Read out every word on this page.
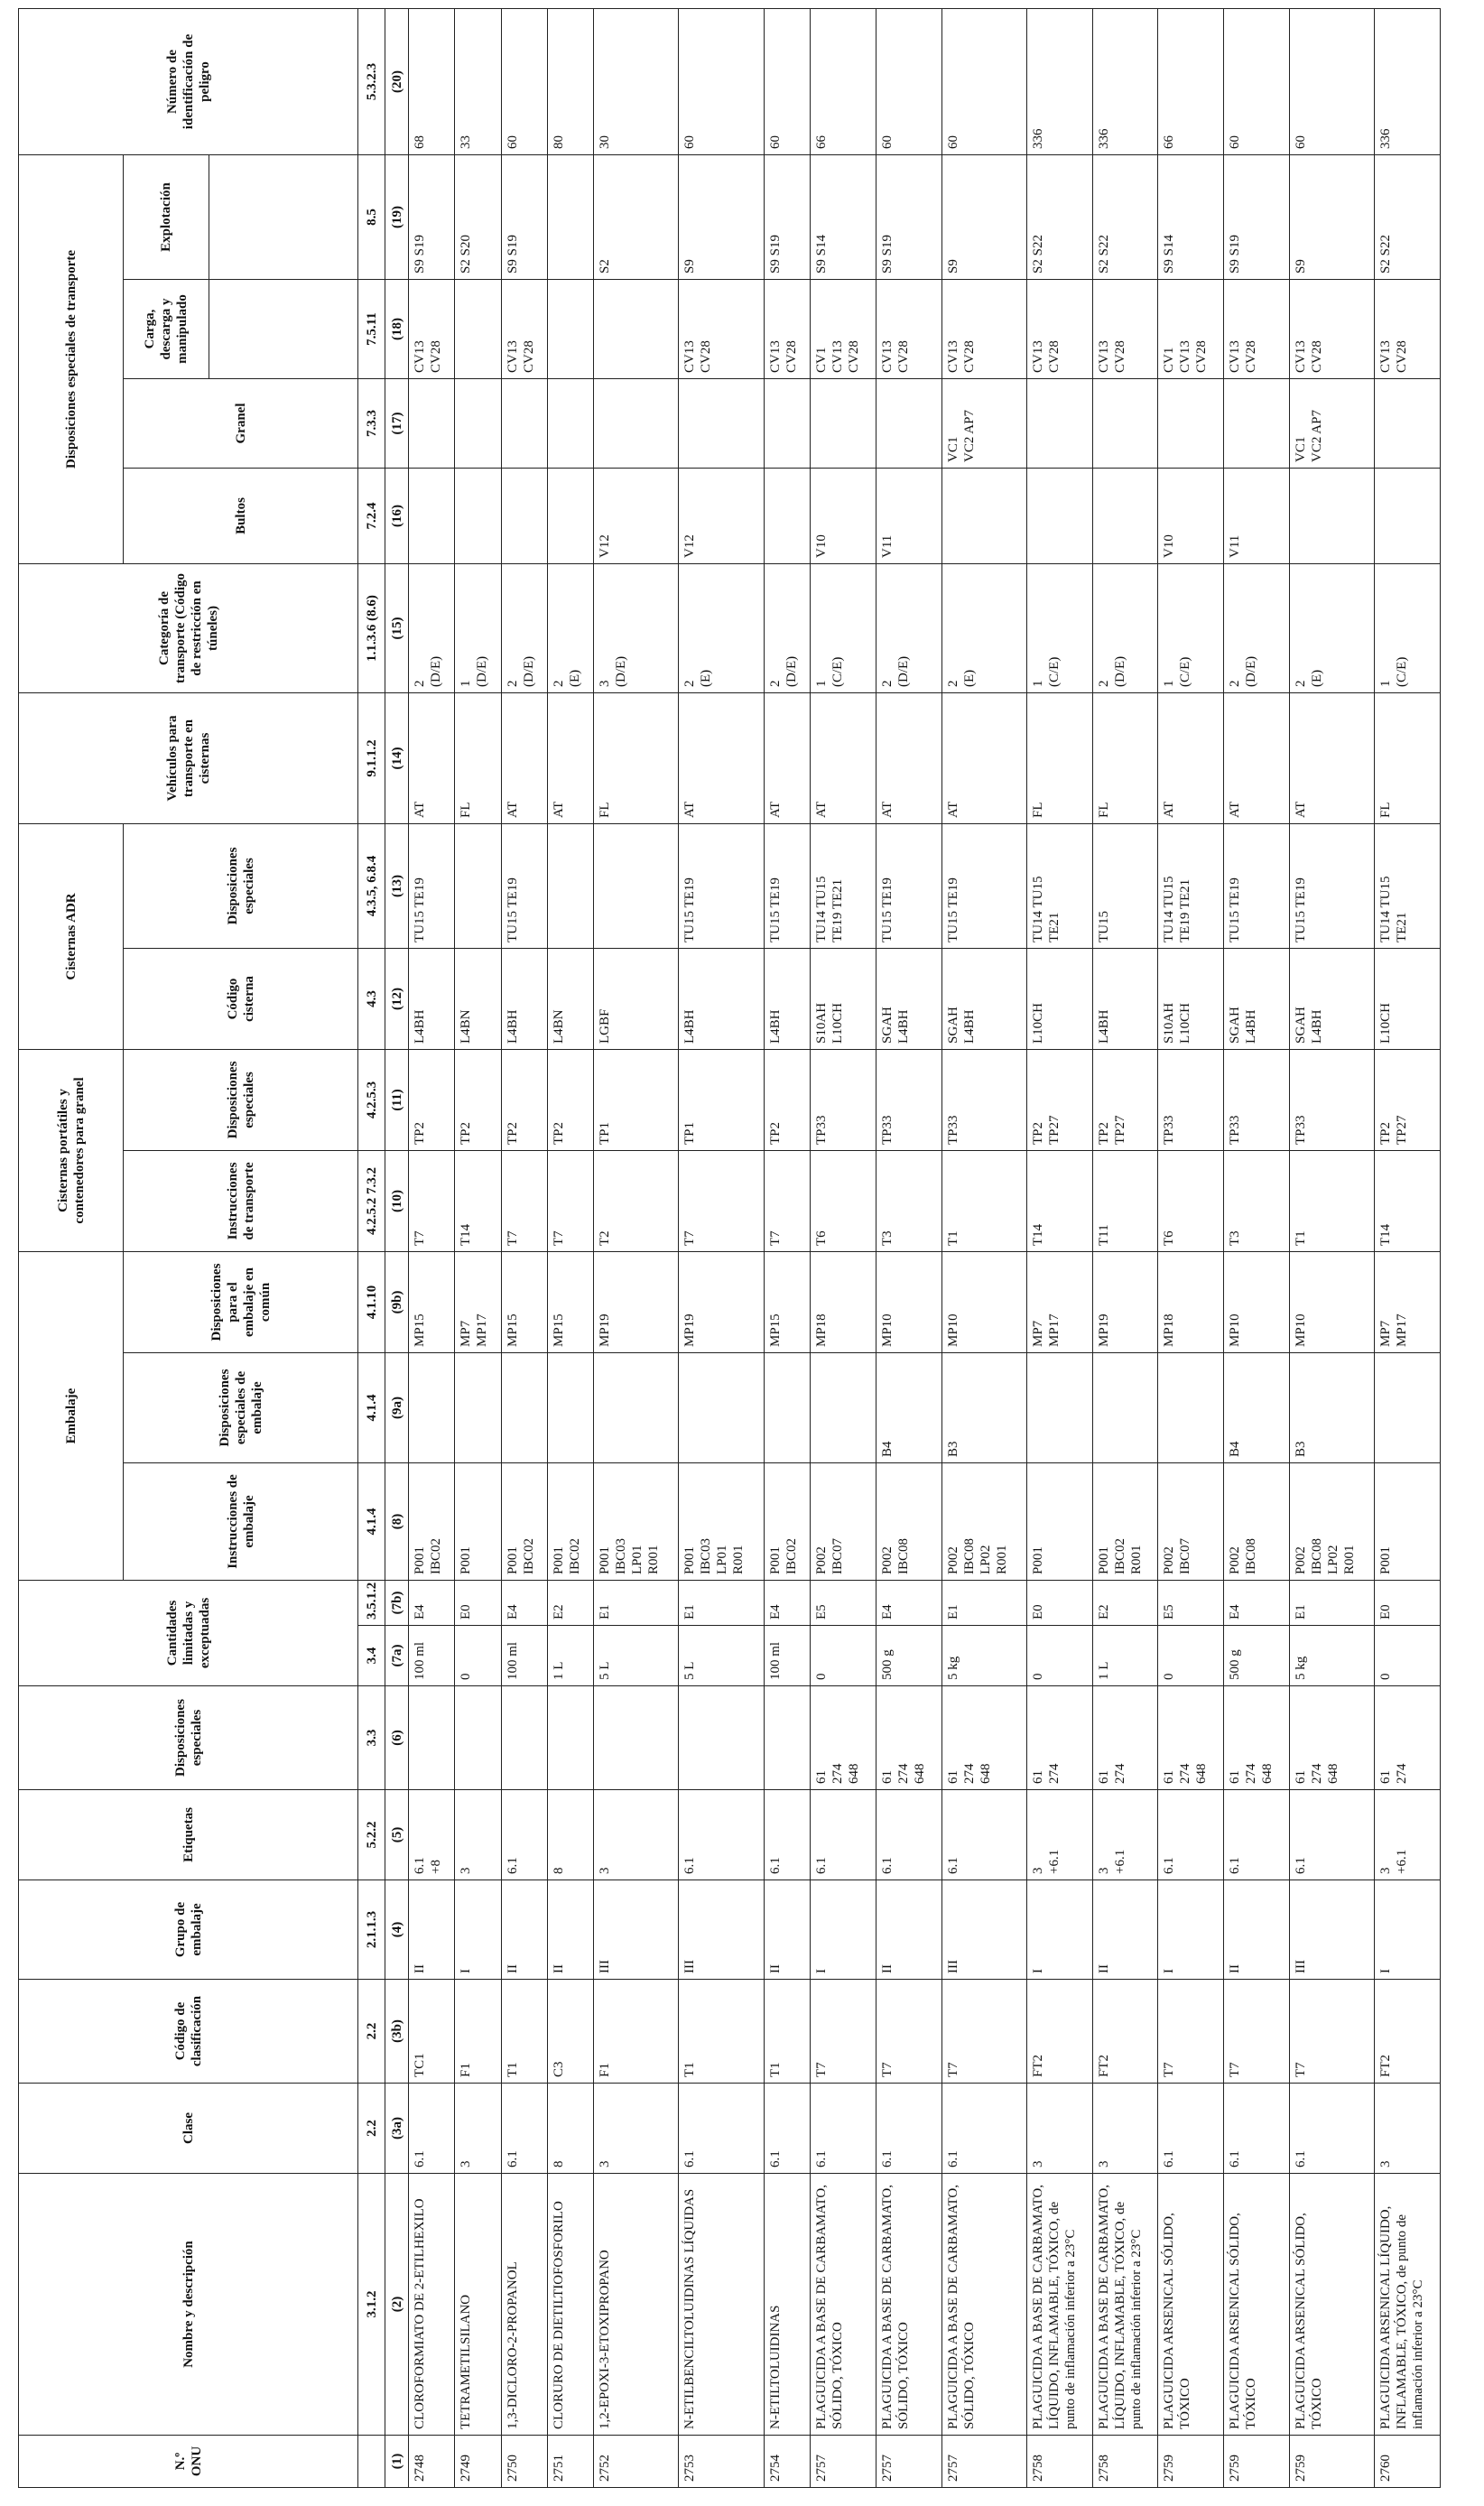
N.º ONU	Nombre y descripción	Clase	Código de clasificación	Grupo de embalaje	Etiquetas	Disposiciones especiales	Cantidades limitadas y exceptuadas		Embalaje			Cisternas portátiles y contenedores para granel		Cisternas ADR		Vehículos para transporte en cisternas	Categoría de transporte (Código de restricción en túneles)	Disposiciones especiales de transporte				Número de identificación de peligro
									Instrucciones de embalaje	Disposiciones especiales de embalaje	Disposiciones para el embalaje en común	Instrucciones de transporte	Disposiciones especiales	Código cisterna	Disposiciones especiales			Bultos	Granel	Carga, descarga y manipulado	Explotación	

	3.1.2	2.2	2.2	2.1.1.3	5.2.2	3.3	3.4	3.5.1.2	4.1.4	4.1.4	4.1.10	4.2.5.2 7.3.2	4.2.5.3	4.3	4.3.5, 6.8.4	9.1.1.2	1.1.3.6 (8.6)	7.2.4	7.3.3	7.5.11	8.5	5.3.2.3
(1)	(2)	(3a)	(3b)	(4)	(5)	(6)	(7a)	(7b)	(8)	(9a)	(9b)	(10)	(11)	(12)	(13)	(14)	(15)	(16)	(17)	(18)	(19)	(20)
2748	CLOROFORMIATO DE 2-ETILHEXILO	6.1	TC1	II	6.1 +8		100 ml	E4	P001 IBC02		MP15	T7	TP2	L4BH	TU15 TE19	AT	2 (D/E)			CV13 CV28	S9 S19	68
2749	TETRAMETILSILANO	3	F1	I	3		0	E0	P001		MP7 MP17	T14	TP2	L4BN		FL	1 (D/E)				S2 S20	33
2750	1,3-DICLORO-2-PROPANOL	6.1	T1	II	6.1		100 ml	E4	P001 IBC02		MP15	T7	TP2	L4BH	TU15 TE19	AT	2 (D/E)			CV13 CV28	S9 S19	60
2751	CLORURO DE DIETILTIOFOSFORILO	8	C3	II	8		1 L	E2	P001 IBC02		MP15	T7	TP2	L4BN		AT	2 (E)					80
2752	1,2-EPOXI-3-ETOXIPROPANO	3	F1	III	3		5 L	E1	P001 IBC03 LP01 R001		MP19	T2	TP1	LGBF		FL	3 (D/E)	V12			S2	30
2753	N-ETILBENCILTOLUIDINAS LÍQUIDAS	6.1	T1	III	6.1		5 L	E1	P001 IBC03 LP01 R001		MP19	T7	TP1	L4BH	TU15 TE19	AT	2 (E)	V12		CV13 CV28	S9	60
2754	N-ETILTOLUIDINAS	6.1	T1	II	6.1		100 ml	E4	P001 IBC02		MP15	T7	TP2	L4BH	TU15 TE19	AT	2 (D/E)			CV13 CV28	S9 S19	60
2757	PLAGUICIDA A BASE DE CARBAMATO, SÓLIDO, TÓXICO	6.1	T7	I	6.1	61 274 648	0	E5	P002 IBC07		MP18	T6	TP33	S10AH L10CH	TU14 TU15 TE19 TE21	AT	1 (C/E)	V10		CV1 CV13 CV28	S9 S14	66
2757	PLAGUICIDA A BASE DE CARBAMATO, SÓLIDO, TÓXICO	6.1	T7	II	6.1	61 274 648	500 g	E4	P002 IBC08	B4	MP10	T3	TP33	SGAH L4BH	TU15 TE19	AT	2 (D/E)	V11		CV13 CV28	S9 S19	60
2757	PLAGUICIDA A BASE DE CARBAMATO, SÓLIDO, TÓXICO	6.1	T7	III	6.1	61 274 648	5 kg	E1	P002 IBC08 LP02 R001	B3	MP10	T1	TP33	SGAH L4BH	TU15 TE19	AT	2 (E)		VC1 VC2 AP7	CV13 CV28	S9	60
2758	PLAGUICIDA A BASE DE CARBAMATO, LÍQUIDO, INFLAMABLE, TÓXICO, de punto de inflamación inferior a 23°C	3	FT2	I	3 +6.1	61 274	0	E0	P001		MP7 MP17	T14	TP2 TP27	L10CH	TU14 TU15 TE21	FL	1 (C/E)			CV13 CV28	S2 S22	336
2758	PLAGUICIDA A BASE DE CARBAMATO, LÍQUIDO, INFLAMABLE, TÓXICO, de punto de inflamación inferior a 23°C	3	FT2	II	3 +6.1	61 274	1 L	E2	P001 IBC02 R001		MP19	T11	TP2 TP27	L4BH	TU15	FL	2 (D/E)			CV13 CV28	S2 S22	336
2759	PLAGUICIDA ARSENICAL SÓLIDO, TÓXICO	6.1	T7	I	6.1	61 274 648	0	E5	P002 IBC07		MP18	T6	TP33	S10AH L10CH	TU14 TU15 TE19 TE21	AT	1 (C/E)	V10		CV1 CV13 CV28	S9 S14	66
2759	PLAGUICIDA ARSENICAL SÓLIDO, TÓXICO	6.1	T7	II	6.1	61 274 648	500 g	E4	P002 IBC08	B4	MP10	T3	TP33	SGAH L4BH	TU15 TE19	AT	2 (D/E)	V11		CV13 CV28	S9 S19	60
2759	PLAGUICIDA ARSENICAL SÓLIDO, TÓXICO	6.1	T7	III	6.1	61 274 648	5 kg	E1	P002 IBC08 LP02 R001	B3	MP10	T1	TP33	SGAH L4BH	TU15 TE19	AT	2 (E)		VC1 VC2 AP7	CV13 CV28	S9	60
2760	PLAGUICIDA ARSENICAL LÍQUIDO, INFLAMABLE, TÓXICO, de punto de inflamación inferior a 23°C	3	FT2	I	3 +6.1	61 274	0	E0	P001		MP7 MP17	T14	TP2 TP27	L10CH	TU14 TU15 TE21	FL	1 (C/E)			CV13 CV28	S2 S22	336
